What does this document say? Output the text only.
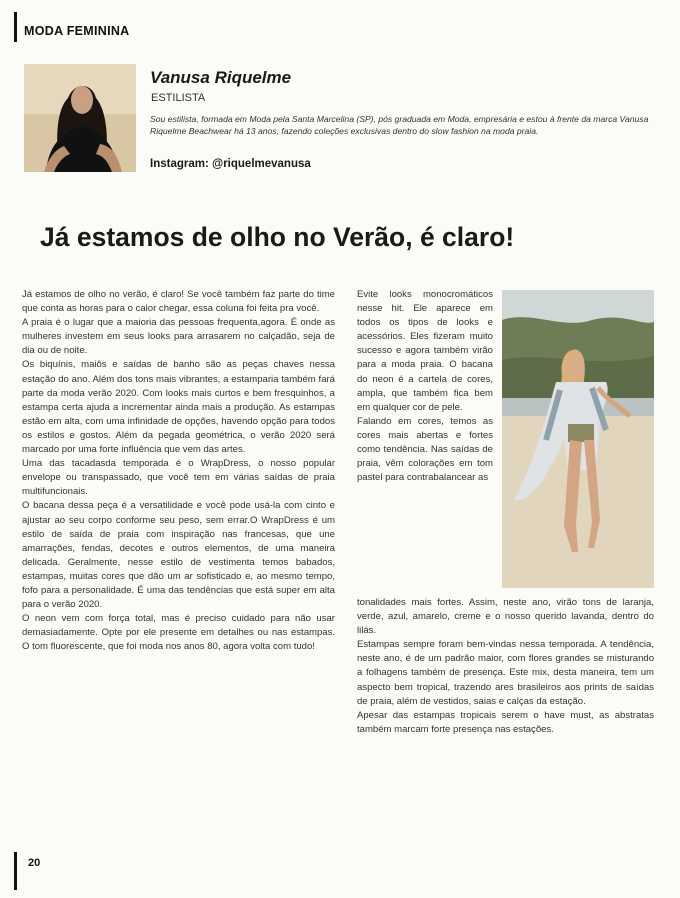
MODA FEMININA
Vanusa Riquelme
ESTILISTA
Sou estilista, formada em Moda pela Santa Marcelina (SP), pós graduada em Moda, empresária e estou à frente da marca Vanusa Riquelme Beachwear há 13 anos, fazendo coleções exclusivas dentro do slow fashion na moda praia.
Instagram: @riquelmevanusa
Já estamos de olho no Verão, é claro!

Já estamos de olho no verão, é claro! Se você também faz parte do time que conta as horas para o calor chegar, essa coluna foi feita pra você.

A praia é o lugar que a maioria das pessoas frequenta,agora. É onde as mulheres investem em seus looks para arrasarem no calçadão, seja de dia ou de noite.

Os biquínis, maiôs e saídas de banho são as peças chaves nessa estação do ano. Além dos tons mais vibrantes, a estamparia também fará parte da moda verão 2020. Com looks mais curtos e bem fresquinhos, a estampa certa ajuda a incrementar ainda mais a produção. As estampas estão em alta, com uma infinidade de opções, havendo opção para todos os estilos e gostos. Além da pegada geométrica, o verão 2020 será marcado por uma forte influência que vem das artes.

Uma das tacadasda temporada é o WrapDress, o nosso popular envelope ou transpassado, que você tem em várias saídas de praia multifuncionais.

O bacana dessa peça é a versatilidade e você pode usá-la com cinto e ajustar ao seu corpo conforme seu peso, sem errar.O WrapDress é um estilo de saída de praia com inspiração nas francesas, que une amarrações, fendas, decotes e outros elementos, de uma maneira delicada. Geralmente, nesse estilo de vestimenta temos babados, estampas, muitas cores que dão um ar sofisticado e, ao mesmo tempo, fofo para a personalidade. É uma das tendências que está super em alta para o verão 2020.

O neon vem com força total, mas é preciso cuidado para não usar demasiadamente. Opte por ele presente em detalhes ou nas estampas. O tom fluorescente, que foi moda nos anos 80, agora volta com tudo!

Evite looks monocromáticos nesse hit. Ele aparece em todos os tipos de looks e acessórios. Eles fizeram muito sucesso e agora também virão para a moda praia. O bacana do neon é a cartela de cores, ampla, que também fica bem em qualquer cor de pele.

Falando em cores, temos as cores mais abertas e fortes como tendência. Nas saídas de praia, vêm colorações em tom pastel para contrabalancear as

tonalidades mais fortes. Assim, neste ano, virão tons de laranja, verde, azul, amarelo, creme e o nosso querido lavanda, dentro do lilás.

Estampas sempre foram bem-vindas nessa temporada. A tendência, neste ano, é de um padrão maior, com flores grandes se misturando a folhagens também de presença. Este mix, desta maneira, tem um aspecto bem tropical, trazendo ares brasileiros aos prints de saídas de praia, além de vestidos, saias e calças da estação.

Apesar das estampas tropicais serem o have must, as abstratas também marcam forte presença nas estações.

20
